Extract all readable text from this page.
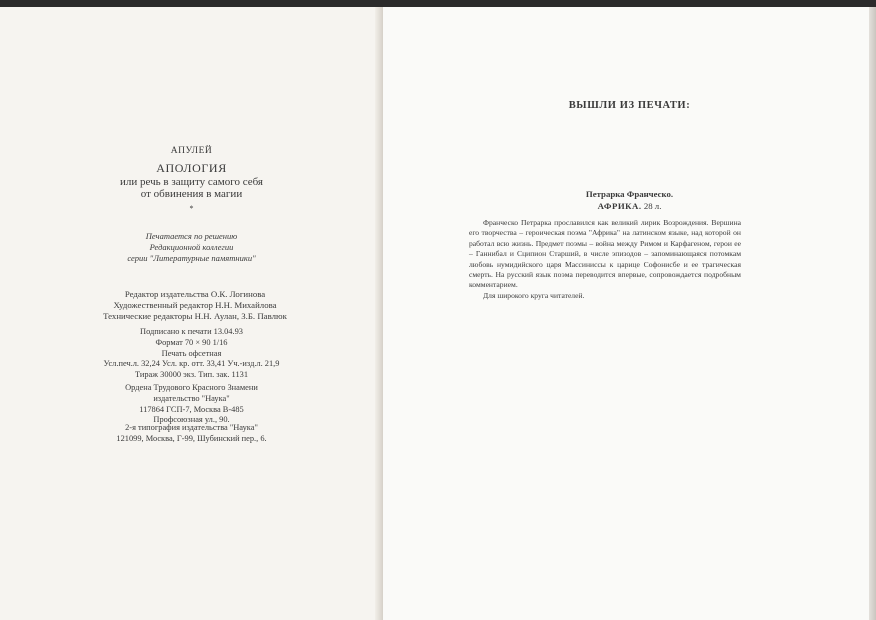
АПУЛЕЙ
АПОЛОГИЯ
или речь в защиту самого себя
от обвинения в магии
*
Печатается по решению
Редакционной коллегии
серии "Литературные памятники"
Редактор издательства О.К. Логинова
Художественный редактор Н.Н. Михайлова
Технические редакторы Н.Н. Аулан, З.Б. Павлюк
Подписано к печати 13.04.93
Формат 70 × 90 1/16
Печать офсетная
Усл.печ.л. 32,24 Усл. кр. отт. 33,41 Уч.-изд.л. 21,9
Тираж 30000 экз. Тип. зак. 1131
Ордена Трудового Красного Знамени
издательство "Наука"
117864 ГСП-7, Москва В-485
Профсоюзная ул., 90.
2-я типография издательства "Наука"
121099, Москва, Г-99, Шубинский пер., 6.
ВЫШЛИ ИЗ ПЕЧАТИ:
Петрарка Франческо.
АФРИКА. 28 л.

Франческо Петрарка прославился как великий лирик Возрождения. Вершина его творчества – героическая поэма "Африка" на латинском языке, над которой он работал всю жизнь. Предмет поэмы – война между Римом и Карфагеном, герои ее – Ганнибал и Сципион Старший, в числе эпизодов – запоминающаяся потомкам любовь нумидийского царя Массиниссы к царице Софонисбе и ее трагическая смерть. На русский язык поэма переводится впервые, сопровождается подробным комментарием.

Для широкого круга читателей.
